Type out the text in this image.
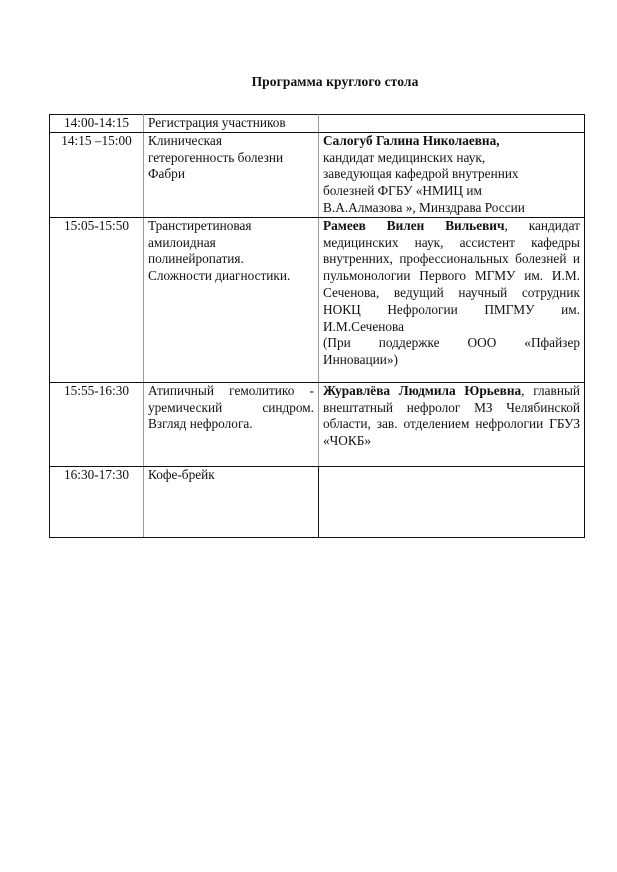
Программа круглого стола
14:00-14:15	Регистрация участников	
14:15 –15:00	Клиническая гетерогенность болезни Фабри	Салогуб Галина Николаевна,
кандидат медицинских наук, заведующая кафедрой внутренних болезней ФГБУ «НМИЦ им В.А.Алмазова », Минздрава России

15:05-15:50	Транстиретиновая амилоидная полинейропатия. Сложности диагностики.	Рамеев Вилен Вильевич, кандидат медицинских наук, ассистент кафедры внутренних, профессиональных болезней и пульмонологии Первого МГМУ им. И.М. Сеченова, ведущий научный сотрудник НОКЦ Нефрологии ПМГМУ им. И.М.Сеченова
(При поддержке ООО «Пфайзер Инновации»)

15:55-16:30	Атипичный гемолитико - уремический синдром. Взгляд нефролога.	Журавлёва Людмила Юрьевна, главный внештатный нефролог МЗ Челябинской области, зав. отделением нефрологии ГБУЗ «ЧОКБ»

16:30-17:30	Кофе-брейк	
